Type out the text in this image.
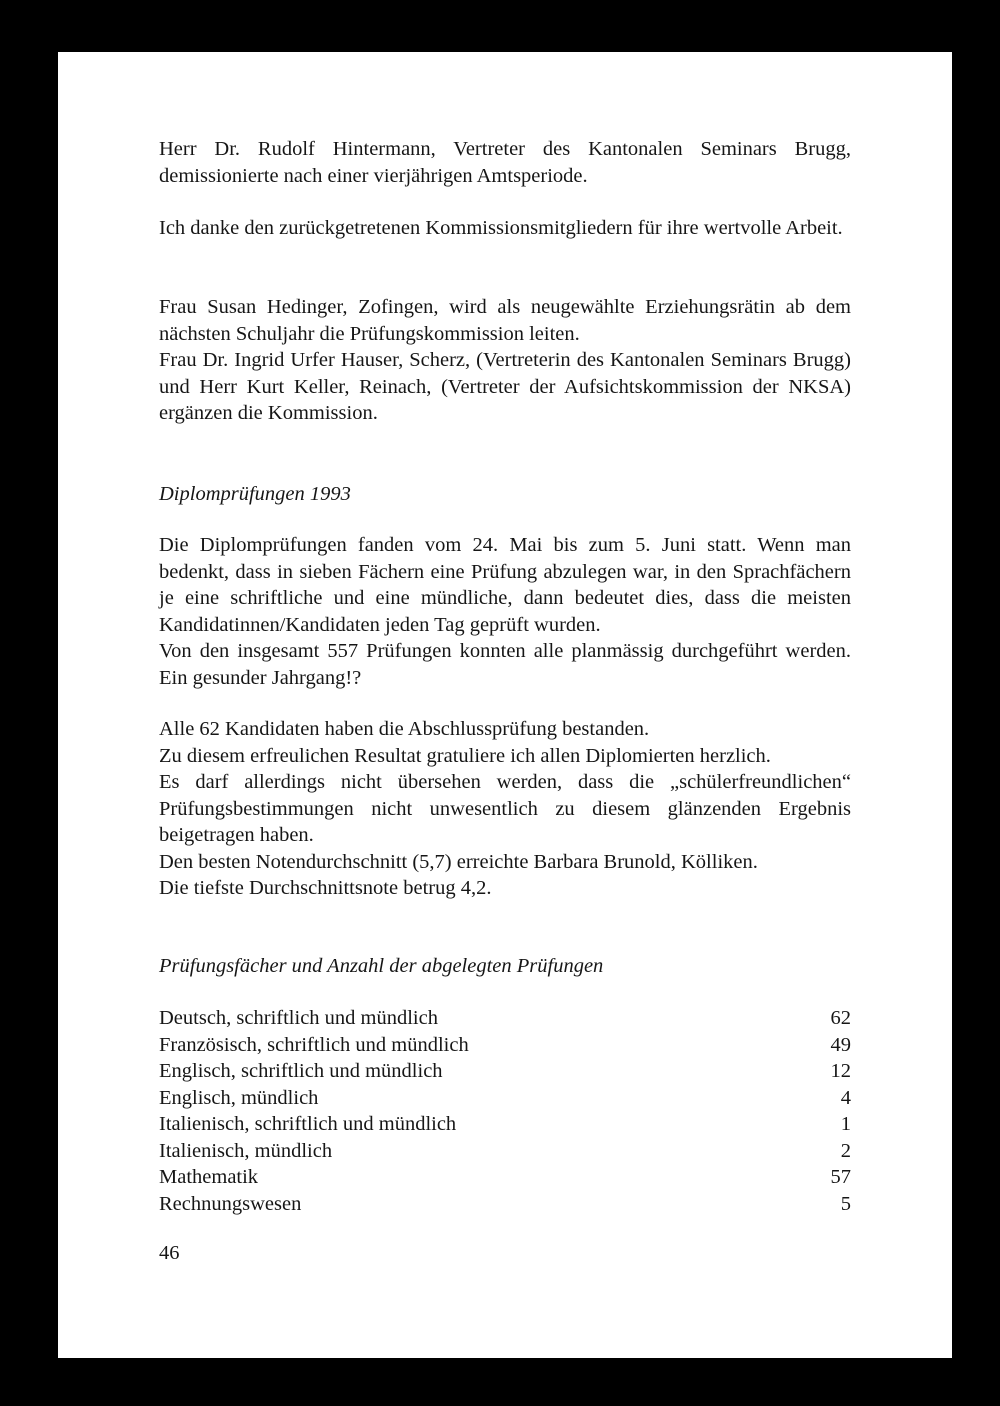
Herr Dr. Rudolf Hintermann, Vertreter des Kantonalen Seminars Brugg, demissionierte nach einer vierjährigen Amtsperiode.
Ich danke den zurückgetretenen Kommissionsmitgliedern für ihre wertvolle Arbeit.
Frau Susan Hedinger, Zofingen, wird als neugewählte Erziehungsrätin ab dem nächsten Schuljahr die Prüfungskommission leiten.
Frau Dr. Ingrid Urfer Hauser, Scherz, (Vertreterin des Kantonalen Seminars Brugg) und Herr Kurt Keller, Reinach, (Vertreter der Aufsichtskommission der NKSA) ergänzen die Kommission.
Diplomprüfungen 1993
Die Diplomprüfungen fanden vom 24. Mai bis zum 5. Juni statt. Wenn man bedenkt, dass in sieben Fächern eine Prüfung abzulegen war, in den Sprachfächern je eine schriftliche und eine mündliche, dann bedeutet dies, dass die meisten Kandidatinnen/Kandidaten jeden Tag geprüft wurden.
Von den insgesamt 557 Prüfungen konnten alle planmässig durchgeführt werden. Ein gesunder Jahrgang!?
Alle 62 Kandidaten haben die Abschlussprüfung bestanden.
Zu diesem erfreulichen Resultat gratuliere ich allen Diplomierten herzlich.
Es darf allerdings nicht übersehen werden, dass die „schülerfreundlichen“ Prüfungsbestimmungen nicht unwesentlich zu diesem glänzenden Ergebnis beigetragen haben.
Den besten Notendurchschnitt (5,7) erreichte Barbara Brunold, Kölliken.
Die tiefste Durchschnittsnote betrug 4,2.
Prüfungsfächer und Anzahl der abgelegten Prüfungen
Deutsch, schriftlich und mündlich	62
Französisch, schriftlich und mündlich	49
Englisch, schriftlich und mündlich	12
Englisch, mündlich	4
Italienisch, schriftlich und mündlich	1
Italienisch, mündlich	2
Mathematik	57
Rechnungswesen	5
46
